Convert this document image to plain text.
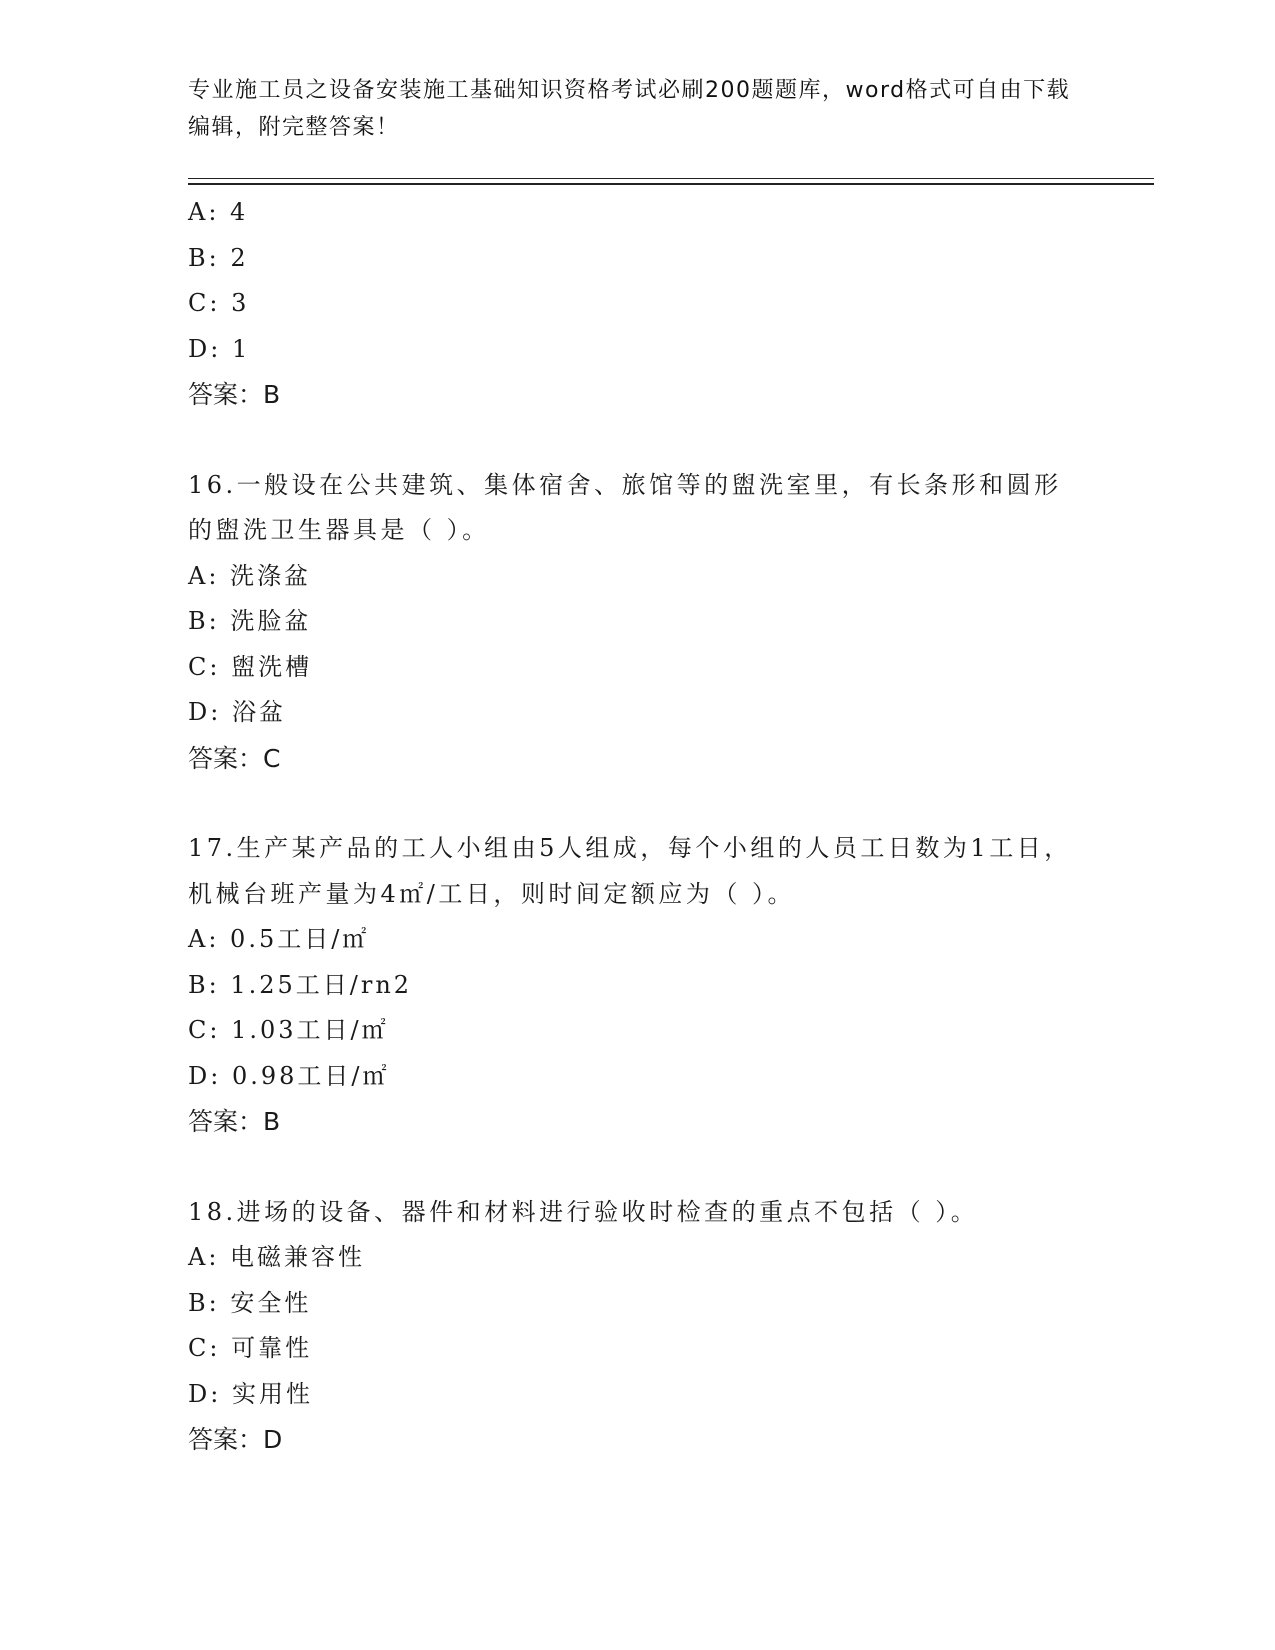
专业施工员之设备安装施工基础知识资格考试必刷200题题库，word格式可自由下载编辑，附完整答案！
A: 4
B: 2
C: 3
D: 1
答案：B
16.一般设在公共建筑、集体宿舍、旅馆等的盥洗室里，有长条形和圆形的盥洗卫生器具是（ ）。
A: 洗涤盆
B: 洗脸盆
C: 盥洗槽
D: 浴盆
答案：C
17.生产某产品的工人小组由5人组成，每个小组的人员工日数为1工日，机械台班产量为4㎡/工日，则时间定额应为（ ）。
A: 0.5工日/㎡
B: 1.25工日/rn2
C: 1.03工日/㎡
D: 0.98工日/㎡
答案：B
18.进场的设备、器件和材料进行验收时检查的重点不包括（ ）。
A: 电磁兼容性
B: 安全性
C: 可靠性
D: 实用性
答案：D
